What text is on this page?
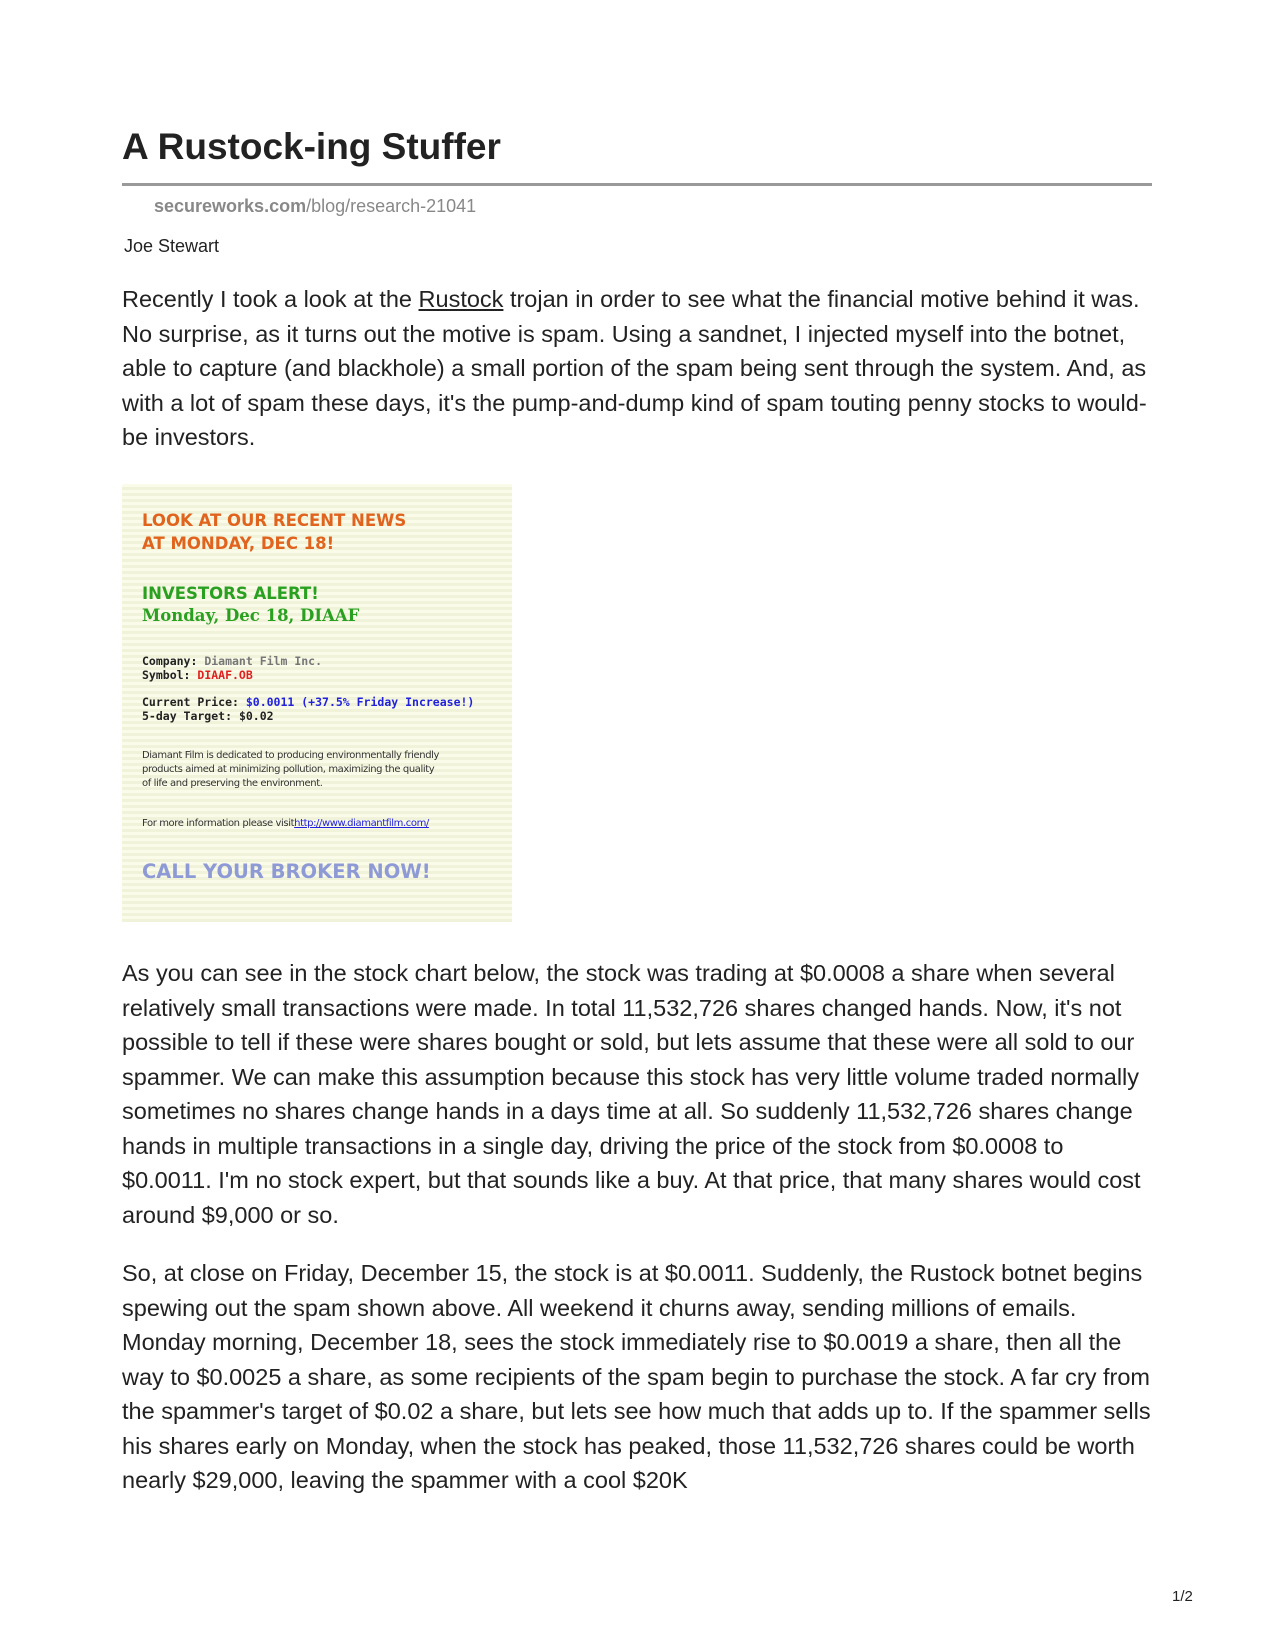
A Rustock-ing Stuffer
secureworks.com/blog/research-21041
Joe Stewart

Recently I took a look at the Rustock trojan in order to see what the financial motive behind it was. No surprise, as it turns out the motive is spam. Using a sandnet, I injected myself into the botnet, able to capture (and blackhole) a small portion of the spam being sent through the system. And, as with a lot of spam these days, it's the pump-and-dump kind of spam touting penny stocks to would-be investors.

LOOK AT OUR RECENT NEWS
AT MONDAY, DEC 18!
INVESTORS ALERT!
Monday, Dec 18, DIAAF
Company: Diamant Film Inc.
Symbol: DIAAF.OB
Current Price: $0.0011 (+37.5% Friday Increase!)
5-day Target: $0.02
Diamant Film is dedicated to producing environmentally friendly
products aimed at minimizing pollution, maximizing the quality
of life and preserving the environment.
For more information please visithttp://www.diamantfilm.com/
CALL YOUR BROKER NOW!

As you can see in the stock chart below, the stock was trading at $0.0008 a share when several relatively small transactions were made. In total 11,532,726 shares changed hands. Now, it's not possible to tell if these were shares bought or sold, but lets assume that these were all sold to our spammer. We can make this assumption because this stock has very little volume traded normally sometimes no shares change hands in a days time at all. So suddenly 11,532,726 shares change hands in multiple transactions in a single day, driving the price of the stock from $0.0008 to $0.0011. I'm no stock expert, but that sounds like a buy. At that price, that many shares would cost around $9,000 or so.

So, at close on Friday, December 15, the stock is at $0.0011. Suddenly, the Rustock botnet begins spewing out the spam shown above. All weekend it churns away, sending millions of emails. Monday morning, December 18, sees the stock immediately rise to $0.0019 a share, then all the way to $0.0025 a share, as some recipients of the spam begin to purchase the stock. A far cry from the spammer's target of $0.02 a share, but lets see how much that adds up to. If the spammer sells his shares early on Monday, when the stock has peaked, those 11,532,726 shares could be worth nearly $29,000, leaving the spammer with a cool $20K

1/2
